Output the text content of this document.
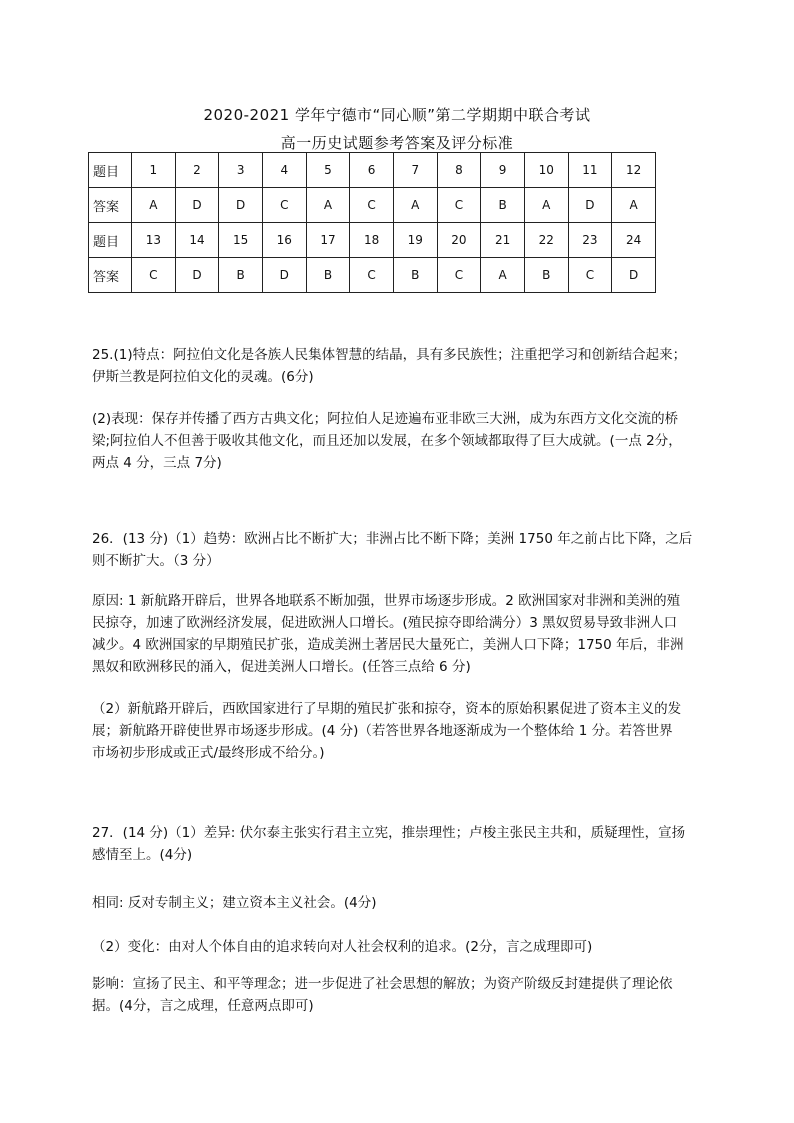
2020-2021 学年宁德市“同心顺”第二学期期中联合考试
高一历史试题参考答案及评分标准
题目	1	2	3	4	5	6	7	8	9	10	11	12
答案	A	D	D	C	A	C	A	C	B	A	D	A
题目	13	14	15	16	17	18	19	20	21	22	23	24
答案	C	D	B	D	B	C	B	C	A	B	C	D
25.(1)特点：阿拉伯文化是各族人民集体智慧的结晶，具有多民族性；注重把学习和创新结合起来；
伊斯兰教是阿拉伯文化的灵魂。(6分)
(2)表现：保存并传播了西方古典文化；阿拉伯人足迹遍布亚非欧三大洲，成为东西方文化交流的桥
梁;阿拉伯人不但善于吸收其他文化，而且还加以发展，在多个领域都取得了巨大成就。(一点 2分，
两点 4 分，三点 7分)
26．(13 分)（1）趋势：欧洲占比不断扩大；非洲占比不断下降；美洲 1750 年之前占比下降，之后
则不断扩大。（3 分）
原因: 1 新航路开辟后，世界各地联系不断加强，世界市场逐步形成。2 欧洲国家对非洲和美洲的殖
民掠夺，加速了欧洲经济发展，促进欧洲人口增长。(殖民掠夺即给满分）3 黑奴贸易导致非洲人口
减少。4 欧洲国家的早期殖民扩张，造成美洲土著居民大量死亡，美洲人口下降；1750 年后，非洲
黑奴和欧洲移民的涌入，促进美洲人口增长。(任答三点给 6 分)
（2）新航路开辟后，西欧国家进行了早期的殖民扩张和掠夺，资本的原始积累促进了资本主义的发
展；新航路开辟使世界市场逐步形成。(4 分)（若答世界各地逐渐成为一个整体给 1 分。若答世界
市场初步形成或正式/最终形成不给分。)
27．(14 分)（1）差异: 伏尔泰主张实行君主立宪，推崇理性；卢梭主张民主共和，质疑理性，宣扬
感情至上。(4分)
相同: 反对专制主义；建立资本主义社会。(4分)
（2）变化：由对人个体自由的追求转向对人社会权利的追求。(2分，言之成理即可)
影响：宣扬了民主、和平等理念；进一步促进了社会思想的解放；为资产阶级反封建提供了理论依
据。(4分，言之成理，任意两点即可)
